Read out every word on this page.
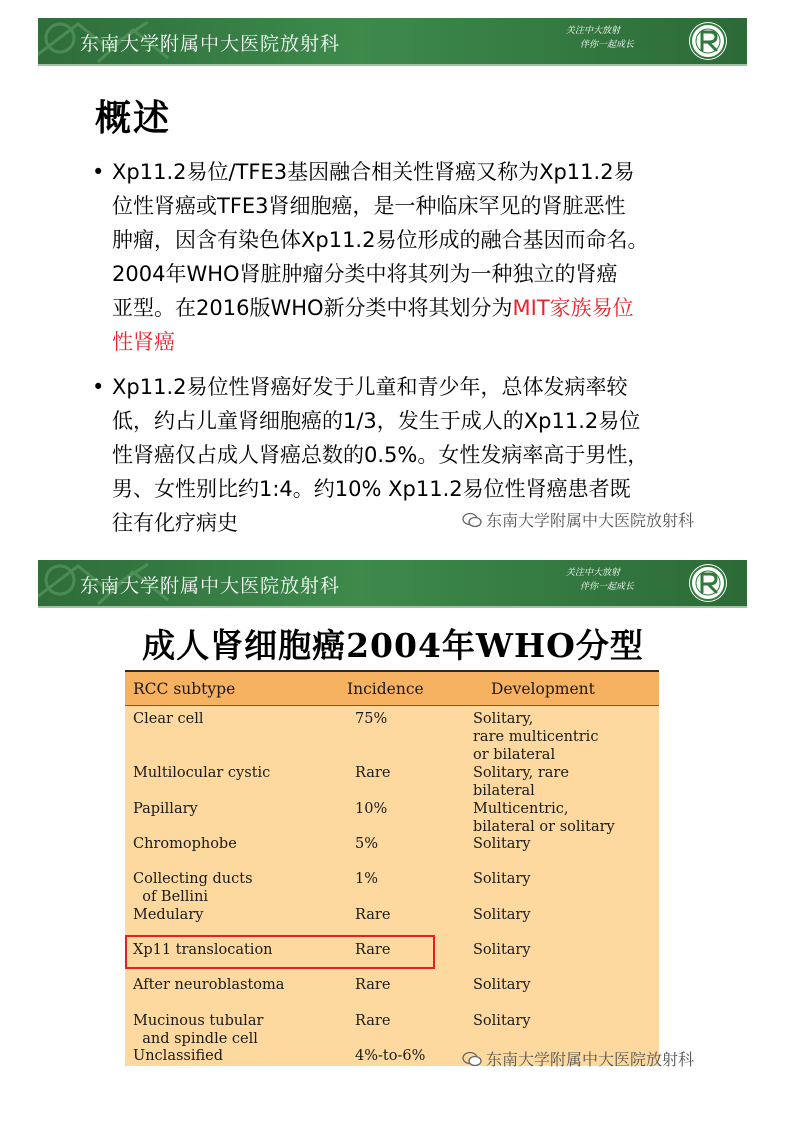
东南大学附属中大医院放射科
关注中大放射
伴你一起成长
概述
• Xp11.2易位/TFE3基因融合相关性肾癌又称为Xp11.2易
位性肾癌或TFE3肾细胞癌，是一种临床罕见的肾脏恶性
肿瘤，因含有染色体Xp11.2易位形成的融合基因而命名。
2004年WHO肾脏肿瘤分类中将其列为一种独立的肾癌
亚型。在2016版WHO新分类中将其划分为MIT家族易位
性肾癌
• Xp11.2易位性肾癌好发于儿童和青少年，总体发病率较
低，约占儿童肾细胞癌的1/3，发生于成人的Xp11.2易位
性肾癌仅占成人肾癌总数的0.5%。女性发病率高于男性，
男、女性别比约1:4。约10% Xp11.2易位性肾癌患者既
往有化疗病史	东南大学附属中大医院放射科
东南大学附属中大医院放射科
关注中大放射
伴你一起成长
成人肾细胞癌2004年WHO分型
RCC subtype	Incidence	Development
Clear cell	75%	Solitary,
rare multicentric
or bilateral
Multilocular cystic	Rare	Solitary, rare
bilateral
Papillary	10%	Multicentric,
bilateral or solitary
Chromophobe	5%	Solitary
Collecting ducts
of Bellini
1%	Solitary
Medulary	Rare	Solitary
Xp11 translocation	Rare	Solitary
After neuroblastoma	Rare	Solitary
Mucinous tubular
and spindle cell
Rare	Solitary
Unclassified	4%-to-6%	东南大学附属中大医院放射科
